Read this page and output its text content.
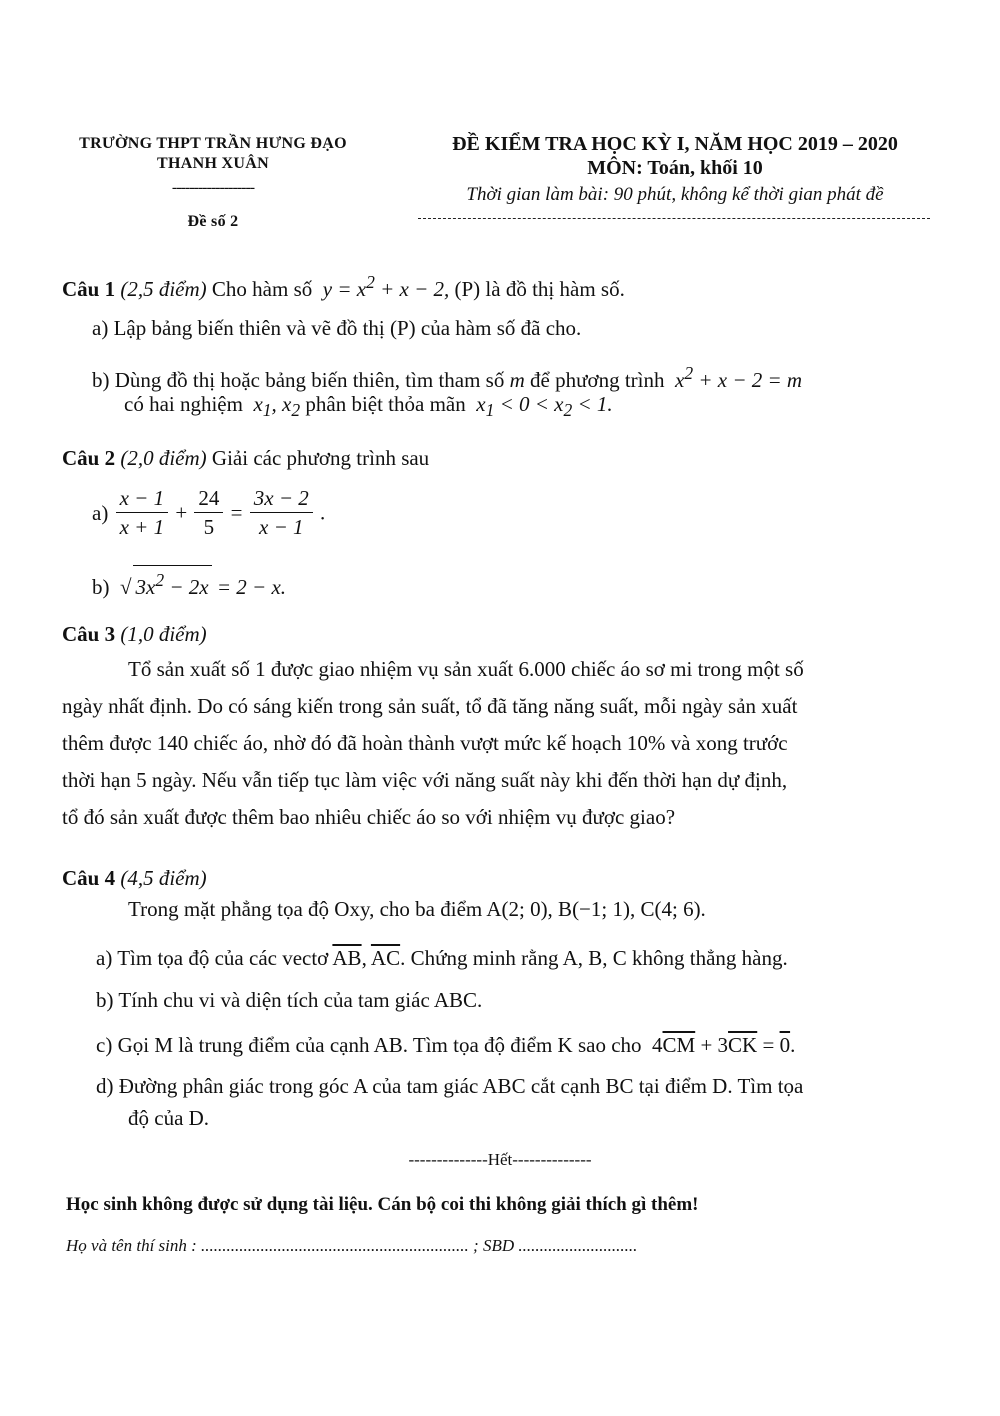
TRƯỜNG THPT TRẦN HƯNG ĐẠO
THANH XUÂN
-------------------
Đề số 2
ĐỀ KIỂM TRA HỌC KỲ I, NĂM HỌC 2019 – 2020
MÔN: Toán, khối 10
Thời gian làm bài: 90 phút, không kể thời gian phát đề
Câu 1 (2,5 điểm) Cho hàm số  $y = x^2 + x - 2$, (P) là đồ thị hàm số.
a) Lập bảng biến thiên và vẽ đồ thị (P) của hàm số đã cho.
b) Dùng đồ thị hoặc bảng biến thiên, tìm tham số m để phương trình  $x^2 + x - 2 = m$
có hai nghiệm  $x_1$, $x_2$ phân biệt thỏa mãn  $x_1 < 0 < x_2 < 1$.
Câu 2 (2,0 điểm) Giải các phương trình sau
$a) \frac{x - 1}{x + 1} + \frac{24}{5} = \frac{3x - 2}{x - 1}$ .
b)  √ $3x^2 - 2x = 2 - x$.
Câu 3 (1,0 điểm)
Tổ sản xuất số 1 được giao nhiệm vụ sản xuất 6.000 chiếc áo sơ mi trong một số
ngày nhất định. Do có sáng kiến trong sản suất, tổ đã tăng năng suất, mỗi ngày sản xuất
thêm được 140 chiếc áo, nhờ đó đã hoàn thành vượt mức kế hoạch 10% và xong trước
thời hạn 5 ngày. Nếu vẫn tiếp tục làm việc với năng suất này khi đến thời hạn dự định,
tổ đó sản xuất được thêm bao nhiêu chiếc áo so với nhiệm vụ được giao?
Câu 4 (4,5 điểm)
Trong mặt phẳng tọa độ Oxy, cho ba điểm A(2; 0), B(−1; 1), C(4; 6).
a) Tìm tọa độ của các vectơ $\overline{AB}$, $\overline{AC}$. Chứng minh rằng A, B, C không thẳng hàng.
b) Tính chu vi và diện tích của tam giác ABC.
c) Gọi M là trung điểm của cạnh AB. Tìm tọa độ điểm K sao cho  $4\overline{CM} + 3\overline{CK} = 0$.
d) Đường phân giác trong góc A của tam giác ABC cắt cạnh BC tại điểm D. Tìm tọa
độ của D.
--------------Hết--------------
Học sinh không được sử dụng tài liệu. Cán bộ coi thi không giải thích gì thêm!
Họ và tên thí sinh : ............................................................... ; SBD ............................
